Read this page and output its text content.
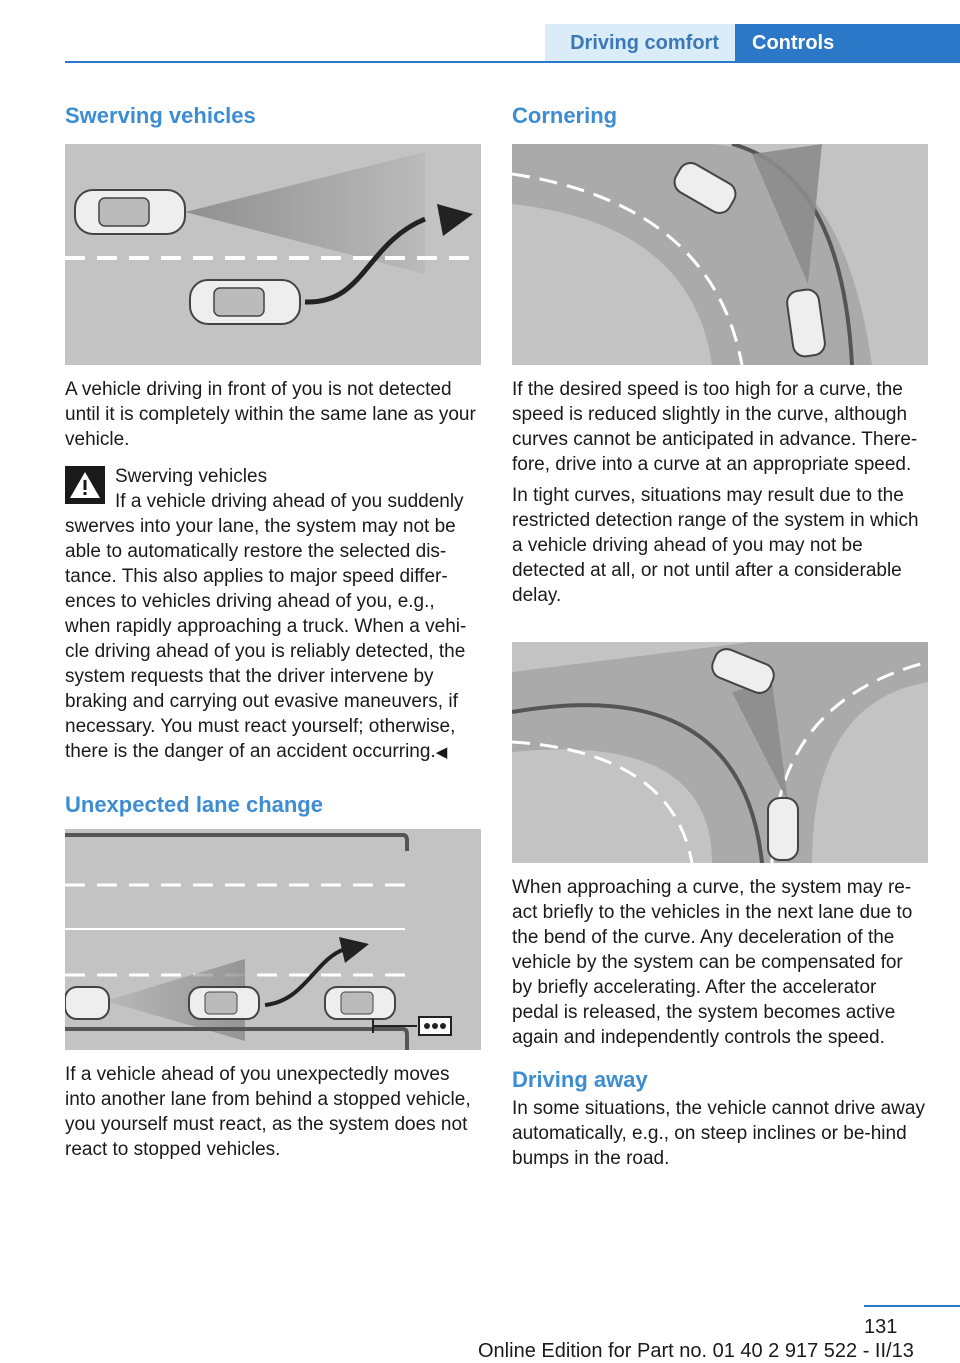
Driving comfort	Controls
Swerving vehicles

A vehicle driving in front of you is not detected until it is completely within the same lane as your vehicle.

Swerving vehicles

If a vehicle driving ahead of you suddenly swerves into your lane, the system may not be able to automatically restore the selected dis‐tance. This also applies to major speed differ‐ences to vehicles driving ahead of you, e.g., when rapidly approaching a truck. When a vehi‐cle driving ahead of you is reliably detected, the system requests that the driver intervene by braking and carrying out evasive maneuvers, if necessary. You must react yourself; otherwise, there is the danger of an accident occurring.◀

Unexpected lane change

If a vehicle ahead of you unexpectedly moves into another lane from behind a stopped vehicle, you yourself must react, as the system does not react to stopped vehicles.

Cornering

If the desired speed is too high for a curve, the speed is reduced slightly in the curve, although curves cannot be anticipated in advance. There‐fore, drive into a curve at an appropriate speed.

In tight curves, situations may result due to the restricted detection range of the system in which a vehicle driving ahead of you may not be detected at all, or not until after a considerable delay.

When approaching a curve, the system may re‐act briefly to the vehicles in the next lane due to the bend of the curve. Any deceleration of the vehicle by the system can be compensated for by briefly accelerating. After the accelerator pedal is released, the system becomes active again and independently controls the speed.

Driving away

In some situations, the vehicle cannot drive away automatically, e.g., on steep inclines or be‐hind bumps in the road.

131
Online Edition for Part no. 01 40 2 917 522 - II/13
